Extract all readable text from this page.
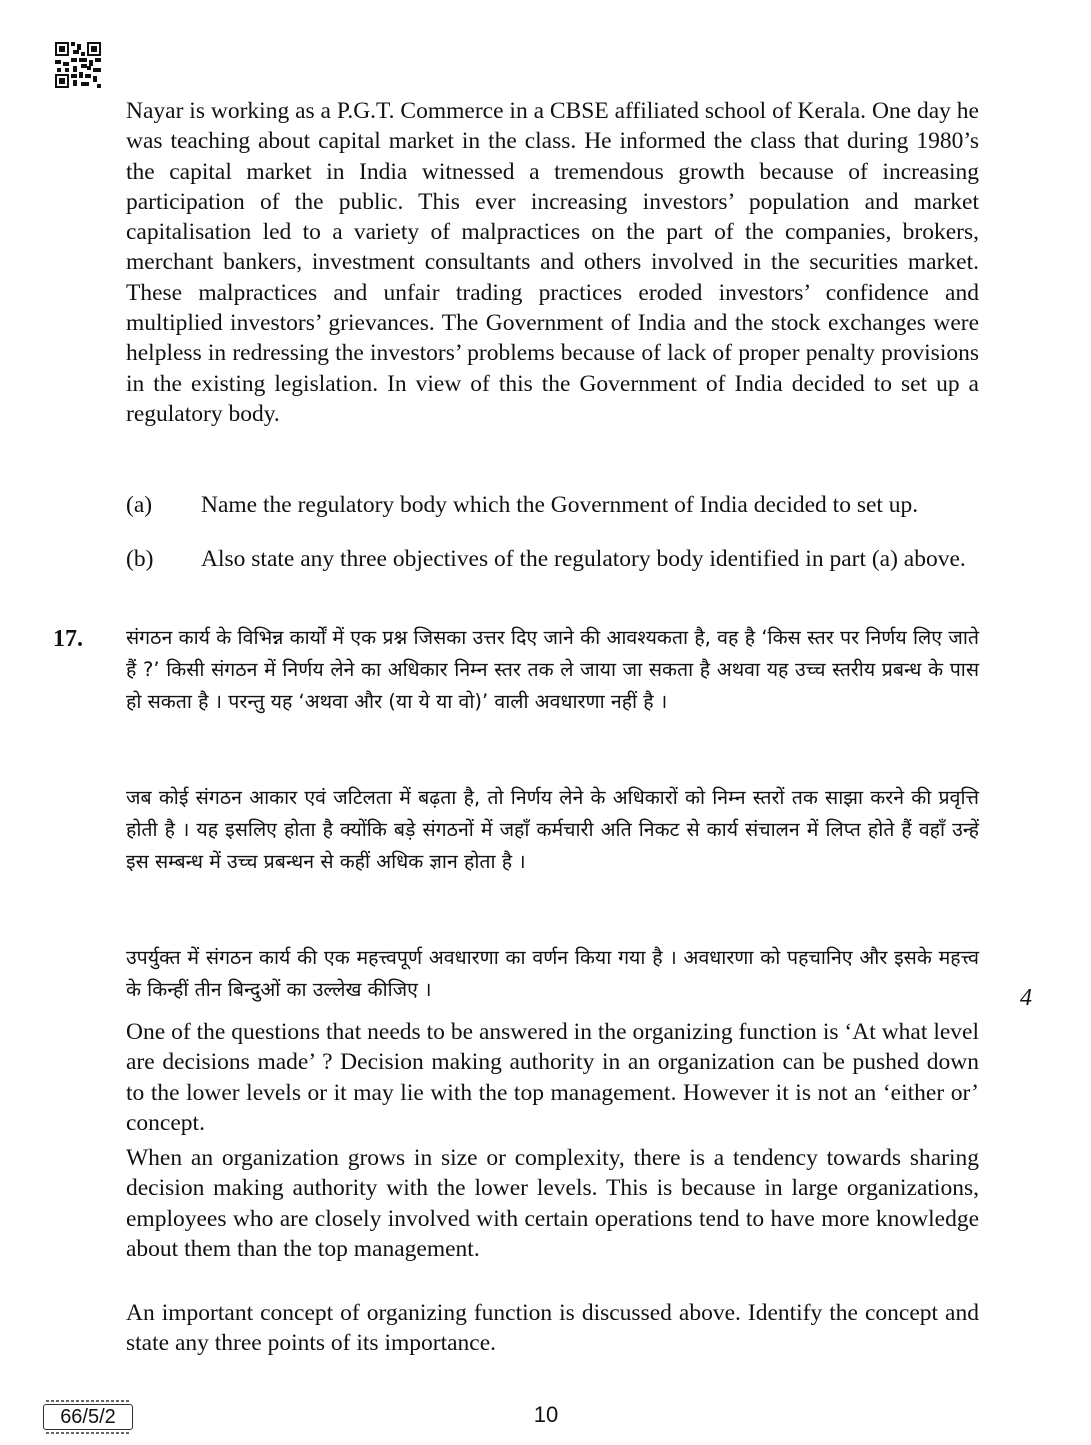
Nayar is working as a P.G.T. Commerce in a CBSE affiliated school of Kerala. One day he was teaching about capital market in the class. He informed the class that during 1980’s the capital market in India witnessed a tremendous growth because of increasing participation of the public. This ever increasing investors’ population and market capitalisation led to a variety of malpractices on the part of the companies, brokers, merchant bankers, investment consultants and others involved in the securities market. These malpractices and unfair trading practices eroded investors’ confidence and multiplied investors’ grievances. The Government of India and the stock exchanges were helpless in redressing the investors’ problems because of lack of proper penalty provisions in the existing legislation. In view of this the Government of India decided to set up a regulatory body.

(a) Name the regulatory body which the Government of India decided to set up.
(b) Also state any three objectives of the regulatory body identified in part (a) above.
17. संगठन कार्य के विभिन्न कार्यों में एक प्रश्न जिसका उत्तर दिए जाने की आवश्यकता है, वह है ‘किस स्तर पर निर्णय लिए जाते हैं ?’ किसी संगठन में निर्णय लेने का अधिकार निम्न स्तर तक ले जाया जा सकता है अथवा यह उच्च स्तरीय प्रबन्ध के पास हो सकता है । परन्तु यह ‘अथवा और (या ये या वो)’ वाली अवधारणा नहीं है ।

जब कोई संगठन आकार एवं जटिलता में बढ़ता है, तो निर्णय लेने के अधिकारों को निम्न स्तरों तक साझा करने की प्रवृत्ति होती है । यह इसलिए होता है क्योंकि बड़े संगठनों में जहाँ कर्मचारी अति निकट से कार्य संचालन में लिप्त होते हैं वहाँ उन्हें इस सम्बन्ध में उच्च प्रबन्धन से कहीं अधिक ज्ञान होता है ।

उपर्युक्त में संगठन कार्य की एक महत्त्वपूर्ण अवधारणा का वर्णन किया गया है । अवधारणा को पहचानिए और इसके महत्त्व के किन्हीं तीन बिन्दुओं का उल्लेख कीजिए ।	4

One of the questions that needs to be answered in the organizing function is ‘At what level are decisions made’ ? Decision making authority in an organization can be pushed down to the lower levels or it may lie with the top management. However it is not an ‘either or’ concept.

When an organization grows in size or complexity, there is a tendency towards sharing decision making authority with the lower levels. This is because in large organizations, employees who are closely involved with certain operations tend to have more knowledge about them than the top management.

An important concept of organizing function is discussed above. Identify the concept and state any three points of its importance.

66/5/2	10
